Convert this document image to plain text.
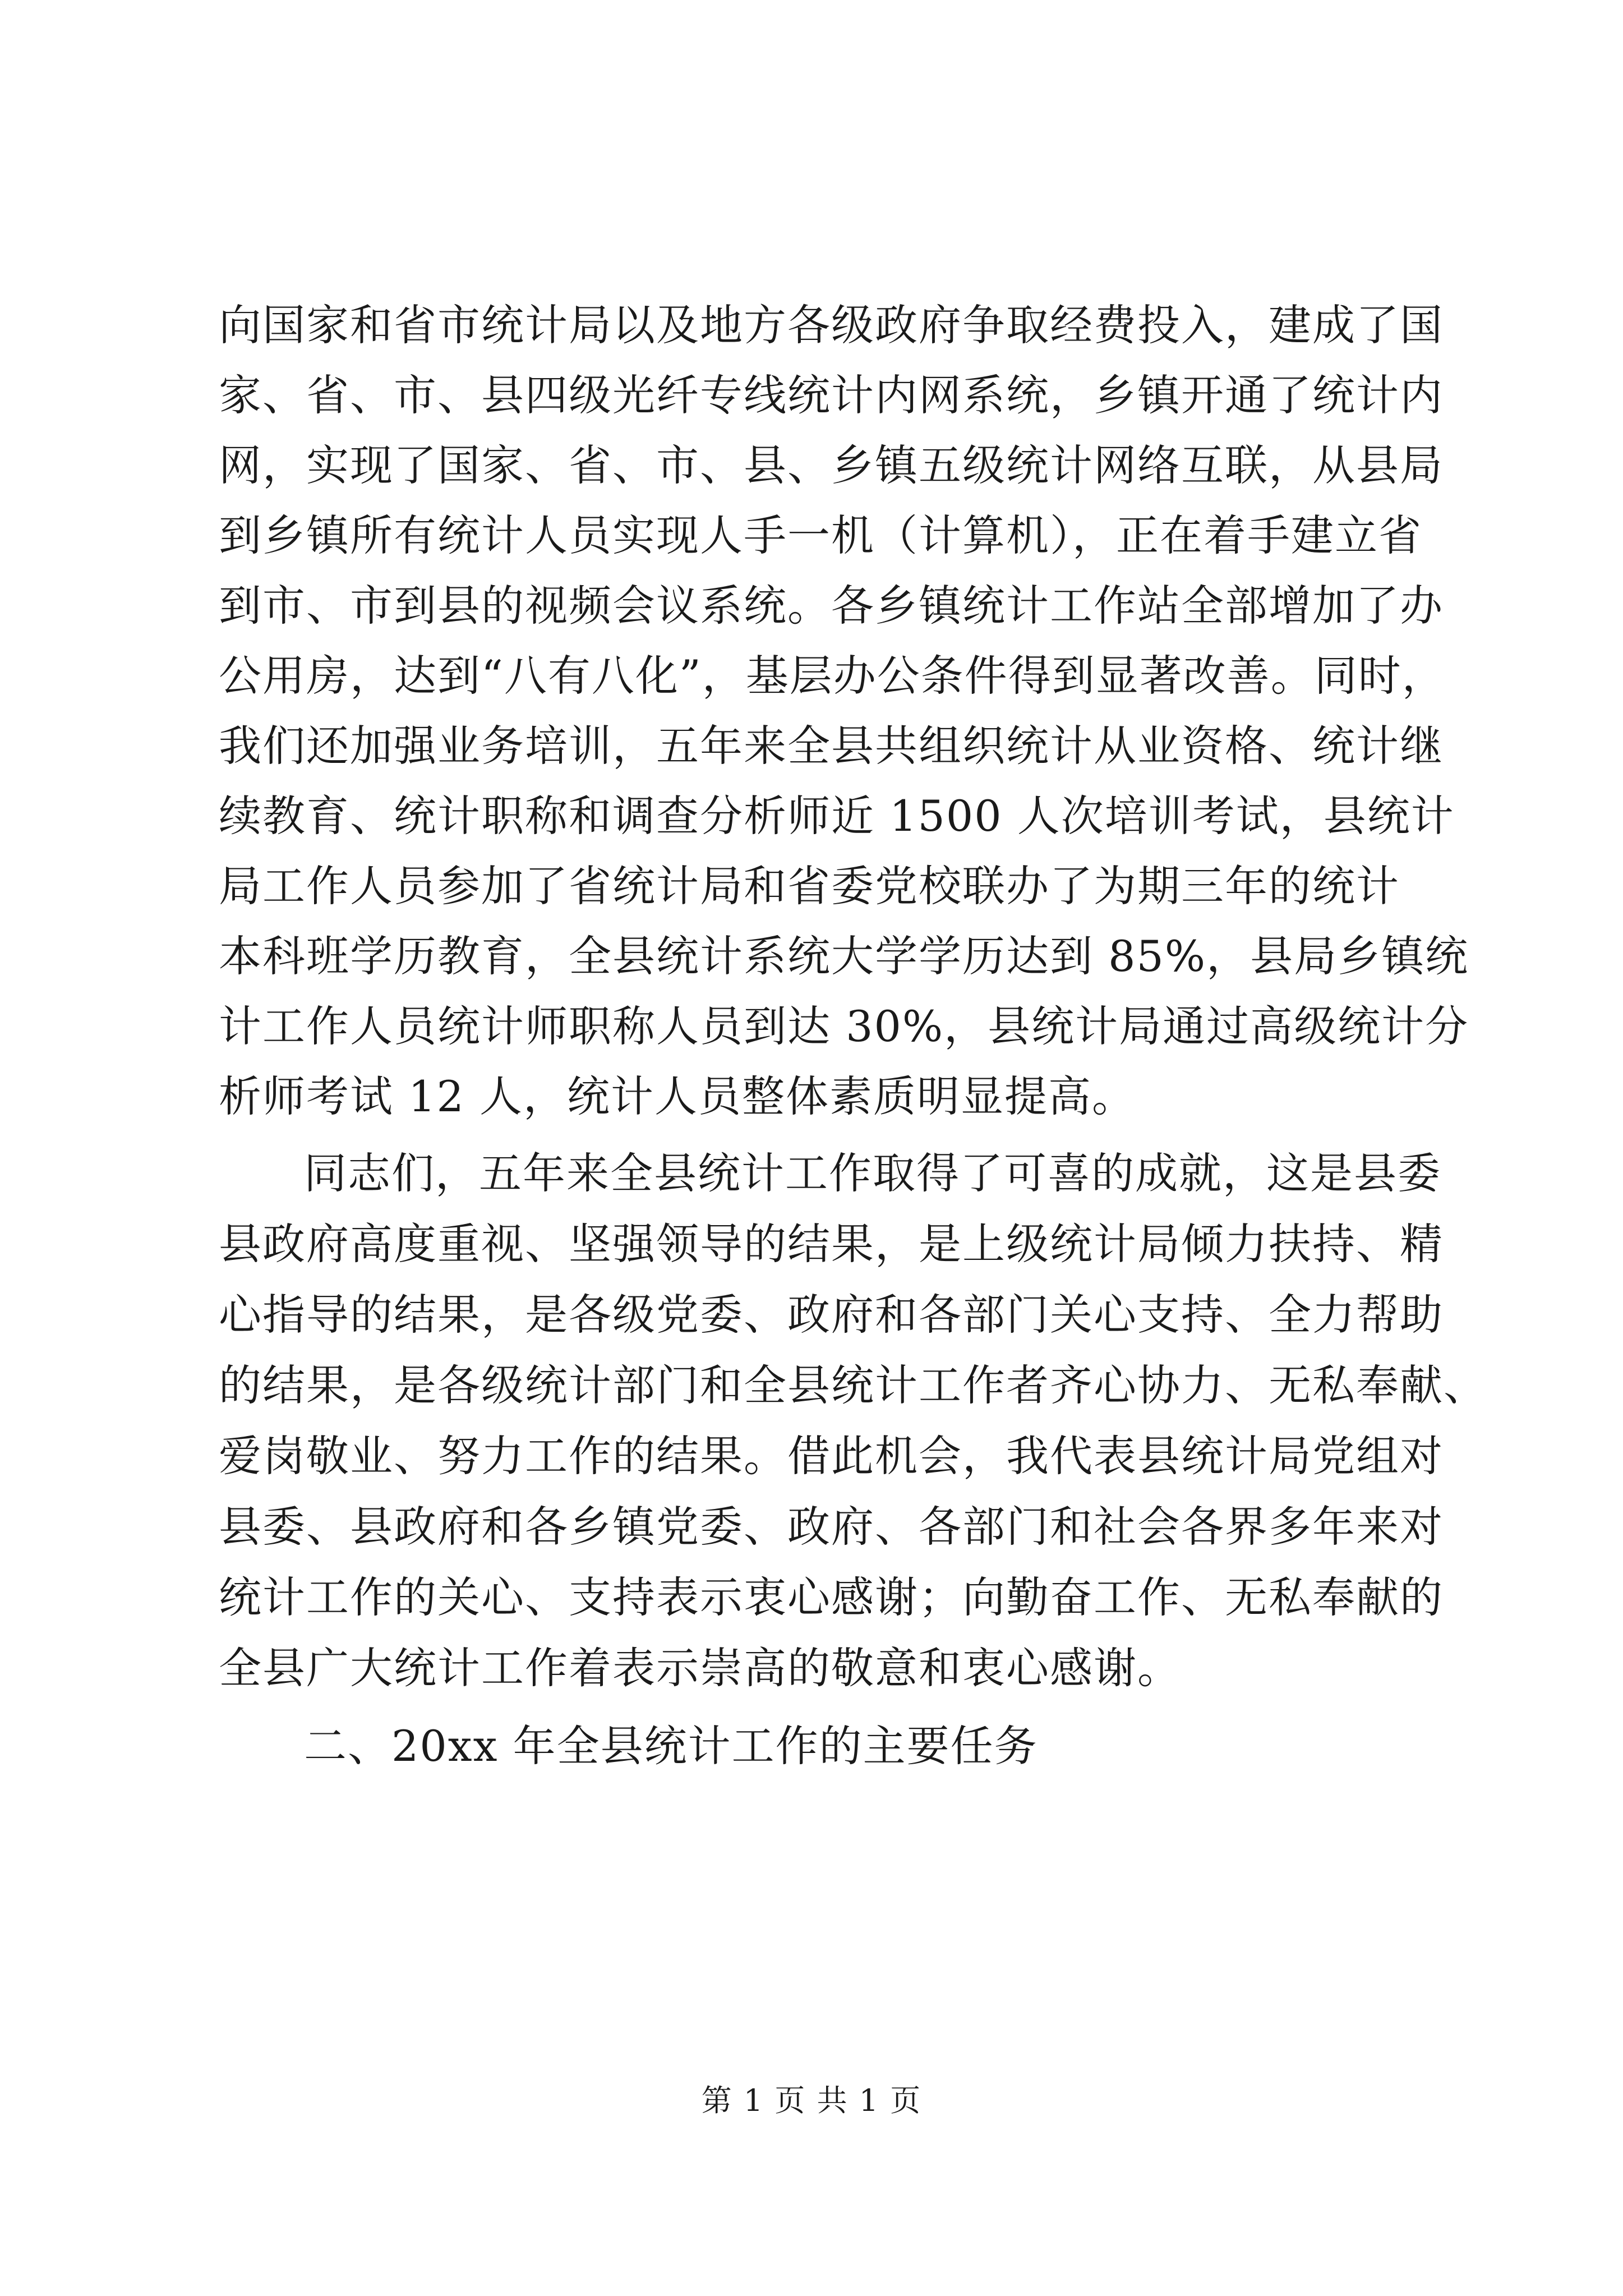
向国家和省市统计局以及地方各级政府争取经费投入，建成了国
家、省、市、县四级光纤专线统计内网系统，乡镇开通了统计内
网，实现了国家、省、市、县、乡镇五级统计网络互联，从县局
到乡镇所有统计人员实现人手一机（计算机），正在着手建立省
到市、市到县的视频会议系统。各乡镇统计工作站全部增加了办
公用房，达到“八有八化”，基层办公条件得到显著改善。同时，
我们还加强业务培训，五年来全县共组织统计从业资格、统计继
续教育、统计职称和调查分析师近 1500 人次培训考试，县统计
局工作人员参加了省统计局和省委党校联办了为期三年的统计
本科班学历教育，全县统计系统大学学历达到 85%，县局乡镇统
计工作人员统计师职称人员到达 30%，县统计局通过高级统计分
析师考试 12 人，统计人员整体素质明显提高。
同志们，五年来全县统计工作取得了可喜的成就，这是县委
县政府高度重视、坚强领导的结果，是上级统计局倾力扶持、精
心指导的结果，是各级党委、政府和各部门关心支持、全力帮助
的结果，是各级统计部门和全县统计工作者齐心协力、无私奉献、
爱岗敬业、努力工作的结果。借此机会，我代表县统计局党组对
县委、县政府和各乡镇党委、政府、各部门和社会各界多年来对
统计工作的关心、支持表示衷心感谢；向勤奋工作、无私奉献的
全县广大统计工作着表示崇高的敬意和衷心感谢。
二、20xx 年全县统计工作的主要任务
第 1 页 共 1 页
